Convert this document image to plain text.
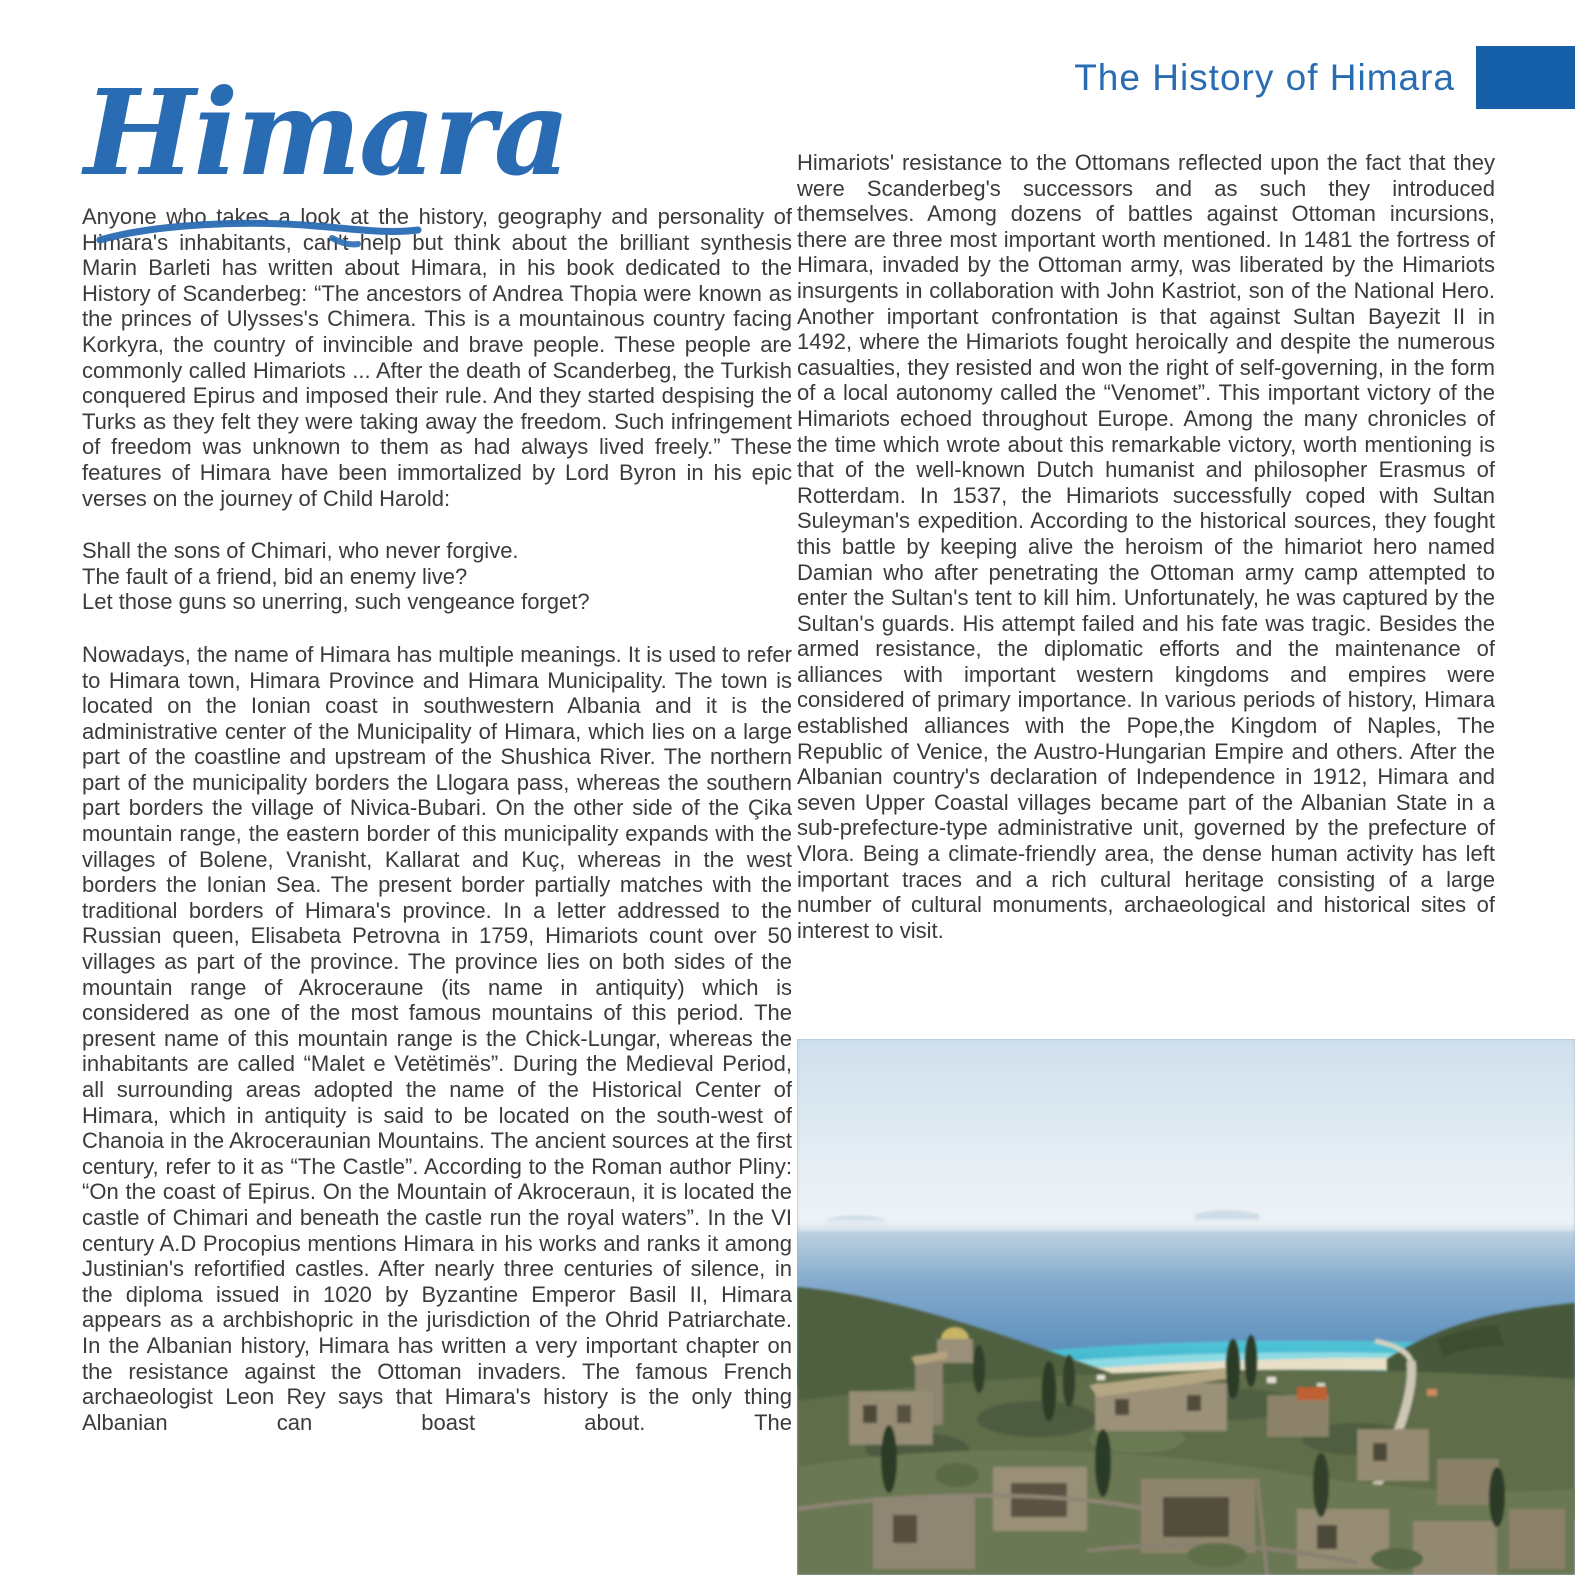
The History of Himara
Himara

Anyone who takes a look at the history, geography and personality of Himara's inhabitants, can't help but think about the brilliant synthesis Marin Barleti has written about Himara, in his book dedicated to the History of Scanderbeg: “The ancestors of Andrea Thopia were known as the princes of Ulysses's Chimera. This is a mountainous country facing Korkyra, the country of invincible and brave people. These people are commonly called Himariots ... After the death of Scanderbeg, the Turkish conquered Epirus and imposed their rule. And they started despising the Turks as they felt they were taking away the freedom. Such infringement of freedom was unknown to them as had always lived freely.” These features of Himara have been immortalized by Lord Byron in his epic verses on the journey of Child Harold:

Shall the sons of Chimari, who never forgive.
The fault of a friend, bid an enemy live?
Let those guns so unerring, such vengeance forget?

Nowadays, the name of Himara has multiple meanings. It is used to refer to Himara town, Himara Province and Himara Municipality. The town is located on the Ionian coast in southwestern Albania and it is the administrative center of the Municipality of Himara, which lies on a large part of the coastline and upstream of the Shushica River. The northern part of the municipality borders the Llogara pass, whereas the southern part borders the village of Nivica-Bubari. On the other side of the Çika mountain range, the eastern border of this municipality expands with the villages of Bolene, Vranisht, Kallarat and Kuç, whereas in the west borders the Ionian Sea. The present border partially matches with the traditional borders of Himara's province. In a letter addressed to the Russian queen, Elisabeta Petrovna in 1759, Himariots count over 50 villages as part of the province. The province lies on both sides of the mountain range of Akroceraune (its name in antiquity) which is considered as one of the most famous mountains of this period. The present name of this mountain range is the Chick-Lungar, whereas the inhabitants are called “Malet e Vetëtimës”. During the Medieval Period, all surrounding areas adopted the name of the Historical Center of Himara, which in antiquity is said to be located on the south-west of Chanoia in the Akroceraunian Mountains. The ancient sources at the first century, refer to it as “The Castle”. According to the Roman author Pliny: “On the coast of Epirus. On the Mountain of Akroceraun, it is located the castle of Chimari and beneath the castle run the royal waters”. In the VI century A.D Procopius mentions Himara in his works and ranks it among Justinian's refortified castles. After nearly three centuries of silence, in the diploma issued in 1020 by Byzantine Emperor Basil II, Himara appears as a archbishopric in the jurisdiction of the Ohrid Patriarchate. In the Albanian history, Himara has written a very important chapter on the resistance against the Ottoman invaders. The famous French archaeologist Leon Rey says that Himara's history is the only thing Albanian can boast about. The

Himariots' resistance to the Ottomans reflected upon the fact that they were Scanderbeg's successors and as such they introduced themselves. Among dozens of battles against Ottoman incursions, there are three most important worth mentioned. In 1481 the fortress of Himara, invaded by the Ottoman army, was liberated by the Himariots insurgents in collaboration with John Kastriot, son of the National Hero. Another important confrontation is that against Sultan Bayezit II in 1492, where the Himariots fought heroically and despite the numerous casualties, they resisted and won the right of self-governing, in the form of a local autonomy called the “Venomet”. This important victory of the Himariots echoed throughout Europe. Among the many chronicles of the time which wrote about this remarkable victory, worth mentioning is that of the well-known Dutch humanist and philosopher Erasmus of Rotterdam. In 1537, the Himariots successfully coped with Sultan Suleyman's expedition. According to the historical sources, they fought this battle by keeping alive the heroism of the himariot hero named Damian who after penetrating the Ottoman army camp attempted to enter the Sultan's tent to kill him. Unfortunately, he was captured by the Sultan's guards. His attempt failed and his fate was tragic. Besides the armed resistance, the diplomatic efforts and the maintenance of alliances with important western kingdoms and empires were considered of primary importance. In various periods of history, Himara established alliances with the Pope,the Kingdom of Naples, The Republic of Venice, the Austro-Hungarian Empire and others. After the Albanian country's declaration of Independence in 1912, Himara and seven Upper Coastal villages became part of the Albanian State in a sub-prefecture-type administrative unit, governed by the prefecture of Vlora. Being a climate-friendly area, the dense human activity has left important traces and a rich cultural heritage consisting of a large number of cultural monuments, archaeological and historical sites of interest to visit.
